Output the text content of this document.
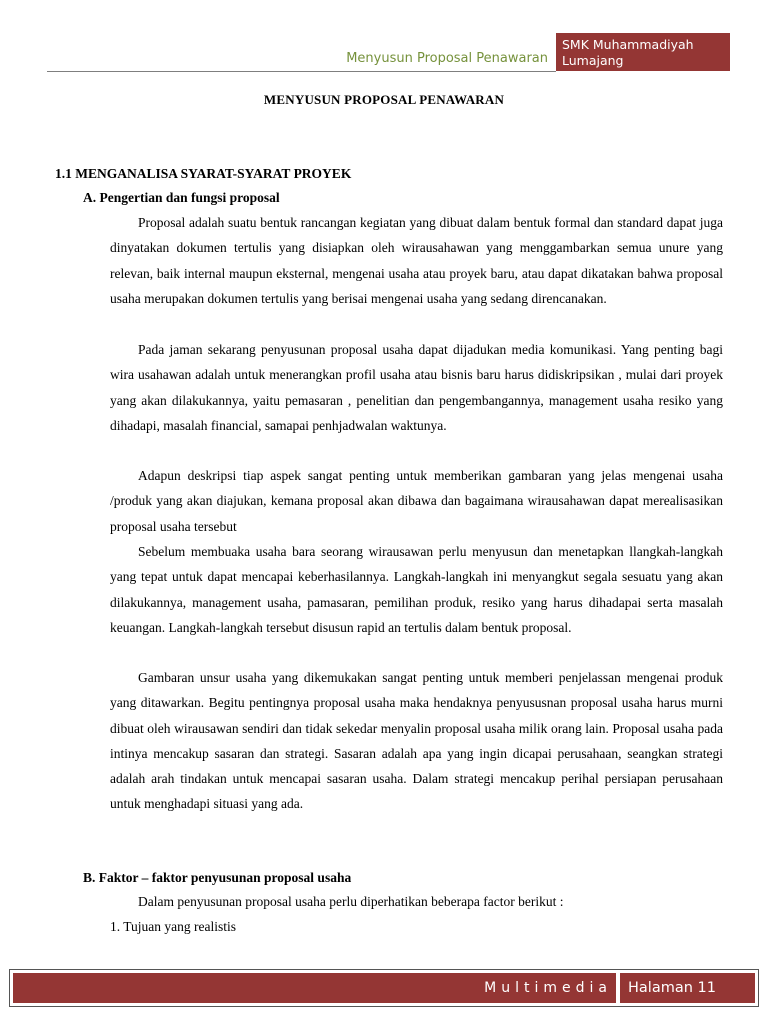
Menyusun Proposal Penawaran
SMK Muhammadiyah
Lumajang
MENYUSUN PROPOSAL PENAWARAN
1.1 MENGANALISA SYARAT-SYARAT PROYEK
A. Pengertian dan fungsi proposal

Proposal adalah suatu bentuk rancangan kegiatan yang dibuat dalam bentuk formal dan standard dapat juga dinyatakan dokumen tertulis yang disiapkan oleh wirausahawan yang menggambarkan semua unure yang relevan, baik internal maupun eksternal, mengenai usaha atau proyek baru, atau dapat dikatakan bahwa proposal usaha merupakan dokumen tertulis yang berisai mengenai usaha yang sedang direncanakan.

Pada jaman sekarang penyusunan proposal usaha dapat dijadukan media komunikasi. Yang penting bagi wira usahawan adalah untuk menerangkan profil usaha atau bisnis baru harus didiskripsikan , mulai dari proyek yang akan dilakukannya, yaitu pemasaran , penelitian dan pengembangannya, management usaha resiko yang dihadapi, masalah financial, samapai penhjadwalan waktunya.

Adapun deskripsi tiap aspek sangat penting untuk memberikan gambaran yang jelas mengenai usaha /produk yang akan diajukan, kemana proposal akan dibawa dan bagaimana wirausahawan dapat merealisasikan proposal usaha tersebut

Sebelum membuaka usaha bara seorang wirausawan perlu menyusun dan menetapkan llangkah-langkah yang tepat untuk dapat mencapai keberhasilannya. Langkah-langkah ini menyangkut segala sesuatu yang akan dilakukannya, management usaha, pamasaran, pemilihan produk, resiko yang harus dihadapai serta masalah keuangan. Langkah-langkah tersebut disusun rapid an tertulis dalam bentuk proposal.

Gambaran unsur usaha yang dikemukakan sangat penting untuk memberi penjelassan mengenai produk yang ditawarkan. Begitu pentingnya proposal usaha maka hendaknya penyususnan proposal usaha harus murni dibuat oleh wirausawan sendiri dan tidak sekedar menyalin proposal usaha milik orang lain. Proposal usaha pada intinya mencakup sasaran dan strategi. Sasaran adalah apa yang ingin dicapai perusahaan, seangkan strategi adalah arah tindakan untuk mencapai sasaran usaha. Dalam strategi mencakup perihal persiapan perusahaan untuk menghadapi situasi yang ada.

B. Faktor – faktor penyusunan proposal usaha
Dalam penyusunan proposal usaha perlu diperhatikan beberapa factor berikut :
1. Tujuan yang realistis
Multimedia	Halaman 11
